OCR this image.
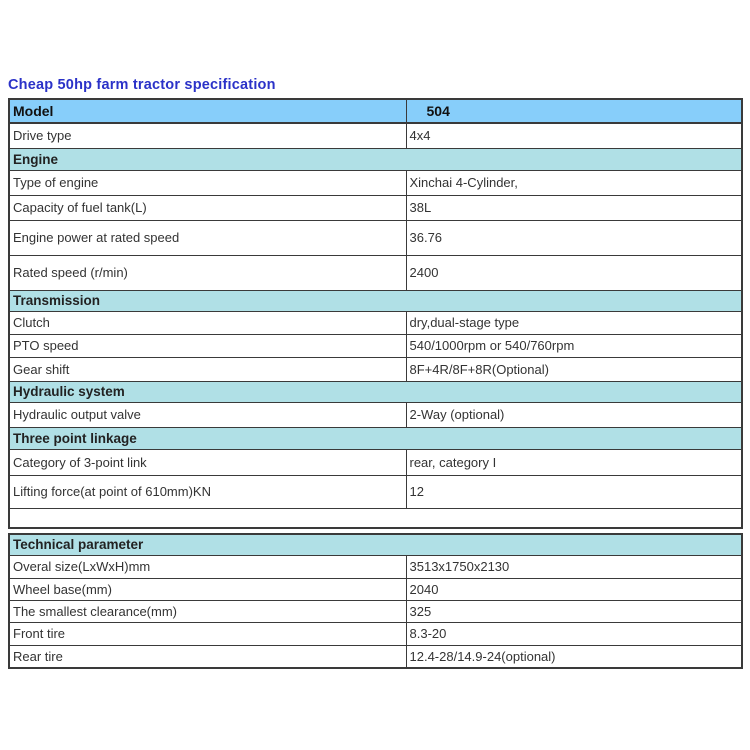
Cheap 50hp farm tractor specification
Model	504
Drive type	4x4
Engine	
Type of engine	Xinchai 4-Cylinder,
Capacity of fuel tank(L)	38L
Engine power at rated speed	36.76
Rated speed (r/min)	2400
Transmission	
Clutch	dry,dual-stage type
PTO speed	540/1000rpm or 540/760rpm
Gear shift	8F+4R/8F+8R(Optional)
Hydraulic system	
Hydraulic output valve	2-Way (optional)
Three point linkage	
Category of 3-point link	rear, category I
Lifting force(at point of 610mm)KN	12

Technical parameter	
Overal size(LxWxH)mm	3513x1750x2130
Wheel base(mm)	2040
The smallest clearance(mm)	325
Front tire	8.3-20
Rear tire	12.4-28/14.9-24(optional)
